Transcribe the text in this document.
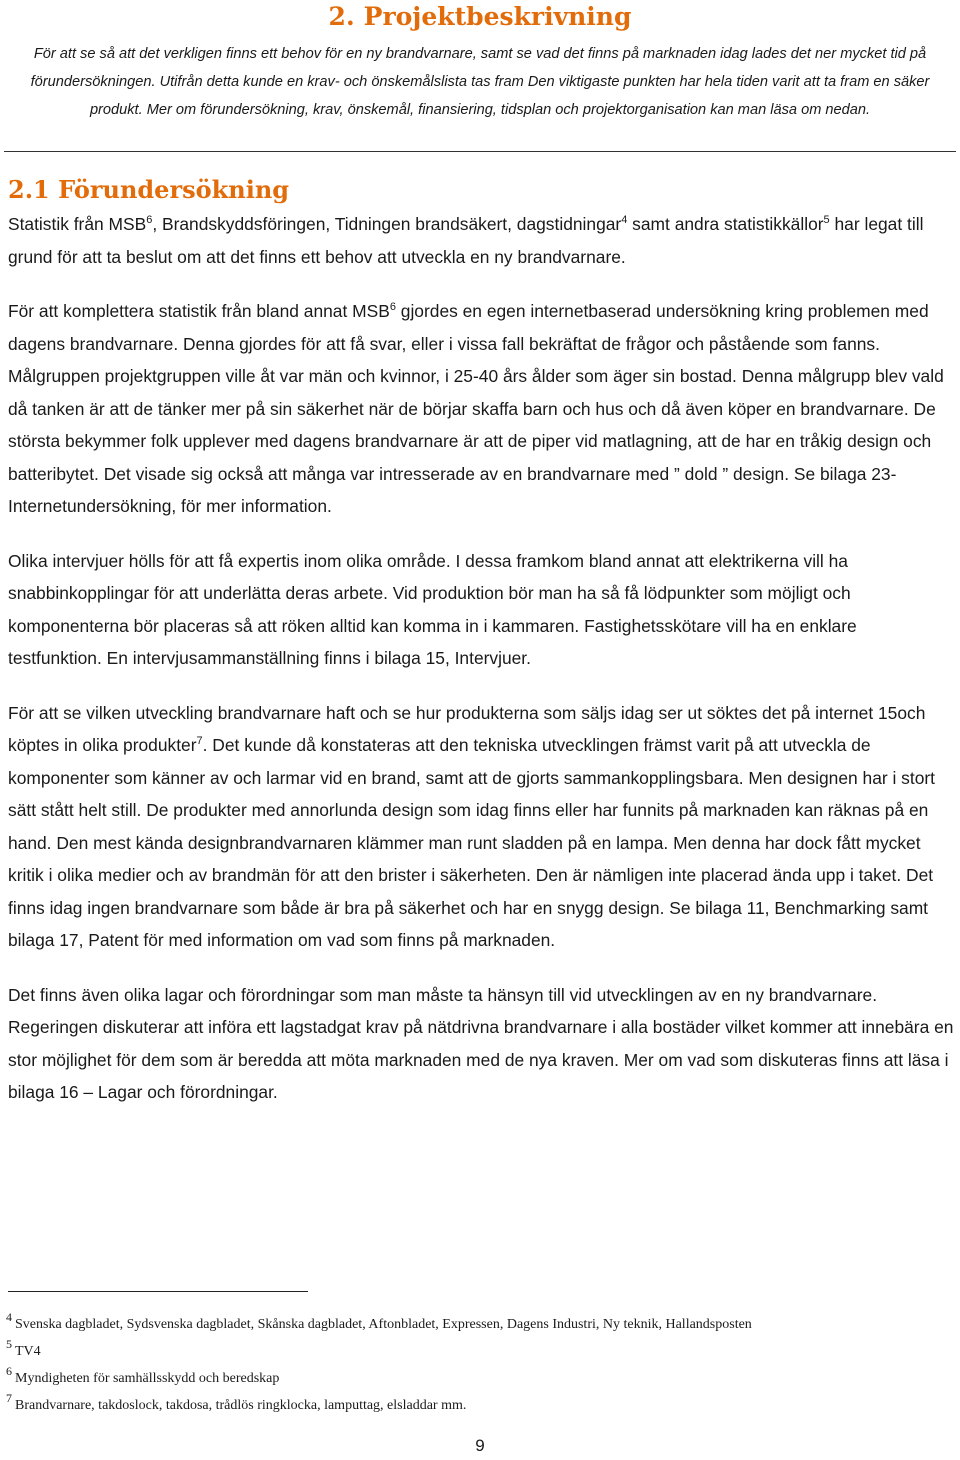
2. Projektbeskrivning

För att se så att det verkligen finns ett behov för en ny brandvarnare, samt se vad det finns på marknaden idag lades det ner mycket tid på förundersökningen. Utifrån detta kunde en krav- och önskemålslista tas fram Den viktigaste punkten har hela tiden varit att ta fram en säker produkt. Mer om förundersökning, krav, önskemål, finansiering, tidsplan och projektorganisation kan man läsa om nedan.

2.1 Förundersökning

Statistik från MSB$^6$, Brandskyddsföringen, Tidningen brandsäkert, dagstidningar$^4$ samt andra statistikkällor$^5$ har legat till grund för att ta beslut om att det finns ett behov att utveckla en ny brandvarnare.

För att komplettera statistik från bland annat MSB$^6$ gjordes en egen internetbaserad undersökning kring problemen med dagens brandvarnare. Denna gjordes för att få svar, eller i vissa fall bekräftat de frågor och påstående som fanns. Målgruppen projektgruppen ville åt var män och kvinnor, i 25-40 års ålder som äger sin bostad. Denna målgrupp blev vald då tanken är att de tänker mer på sin säkerhet när de börjar skaffa barn och hus och då även köper en brandvarnare. De största bekymmer folk upplever med dagens brandvarnare är att de piper vid matlagning, att de har en tråkig design och batteribytet. Det visade sig också att många var intresserade av en brandvarnare med ” dold ” design. Se bilaga 23- Internetundersökning, för mer information.

Olika intervjuer hölls för att få expertis inom olika område. I dessa framkom bland annat att elektrikerna vill ha snabbinkopplingar för att underlätta deras arbete. Vid produktion bör man ha så få lödpunkter som möjligt och komponenterna bör placeras så att röken alltid kan komma in i kammaren. Fastighetsskötare vill ha en enklare testfunktion. En intervjusammanställning finns i bilaga 15, Intervjuer.

För att se vilken utveckling brandvarnare haft och se hur produkterna som säljs idag ser ut söktes det på internet 15och köptes in olika produkter$^7$. Det kunde då konstateras att den tekniska utvecklingen främst varit på att utveckla de komponenter som känner av och larmar vid en brand, samt att de gjorts sammankopplingsbara. Men designen har i stort sätt stått helt still. De produkter med annorlunda design som idag finns eller har funnits på marknaden kan räknas på en hand. Den mest kända designbrandvarnaren klämmer man runt sladden på en lampa. Men denna har dock fått mycket kritik i olika medier och av brandmän för att den brister i säkerheten. Den är nämligen inte placerad ända upp i taket. Det finns idag ingen brandvarnare som både är bra på säkerhet och har en snygg design. Se bilaga 11, Benchmarking samt bilaga 17, Patent för med information om vad som finns på marknaden.

Det finns även olika lagar och förordningar som man måste ta hänsyn till vid utvecklingen av en ny brandvarnare. Regeringen diskuterar att införa ett lagstadgat krav på nätdrivna brandvarnare i alla bostäder vilket kommer att innebära en stor möjlighet för dem som är beredda att möta marknaden med de nya kraven. Mer om vad som diskuteras finns att läsa i bilaga 16 – Lagar och förordningar.

4 Svenska dagbladet, Sydsvenska dagbladet, Skånska dagbladet, Aftonbladet, Expressen, Dagens Industri, Ny teknik, Hallandsposten
5 TV4
6 Myndigheten för samhällsskydd och beredskap
7 Brandvarnare, takdoslock, takdosa, trådlös ringklocka, lamputtag, elsladdar mm.
9
